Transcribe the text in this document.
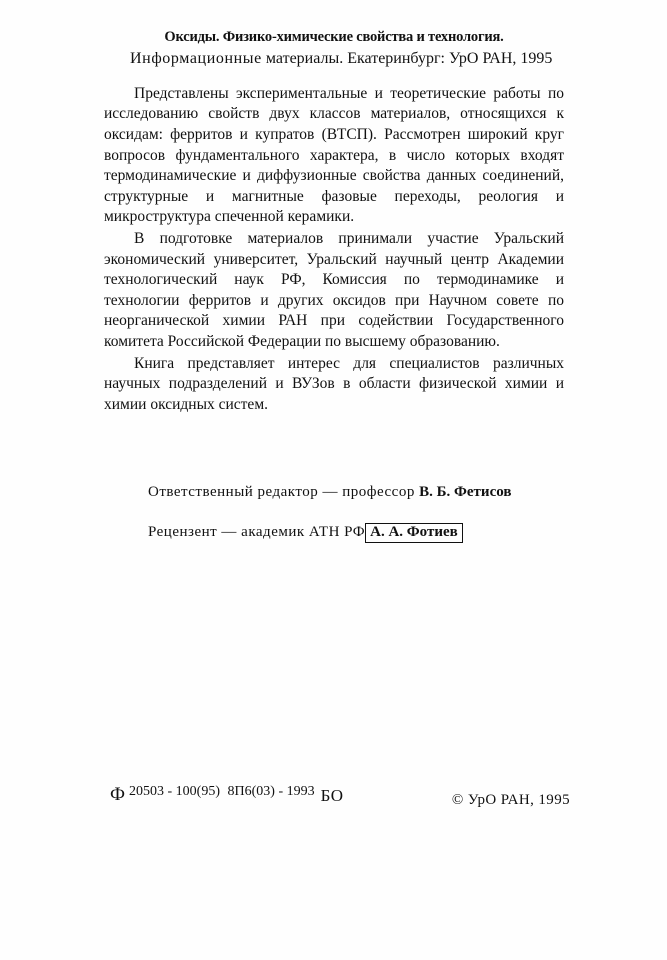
Оксиды. Физико-химические свойства и технология.
Информационные материалы. Екатеринбург: УрО РАН, 1995

Представлены экспериментальные и теоретические работы по исследованию свойств двух классов материалов, относящихся к оксидам: ферритов и купратов (ВТСП). Рассмотрен широкий круг вопросов фундаментального характера, в число которых входят термодинамические и диффузионные свойства данных соединений, структурные и магнитные фазовые переходы, реология и микроструктура спеченной керамики.

В подготовке материалов принимали участие Уральский экономический университет, Уральский научный центр Академии технологический наук РФ, Комиссия по термодинамике и технологии ферритов и других оксидов при Научном совете по неорганической химии РАН при содействии Государственного комитета Российской Федерации по высшему образованию.

Книга представляет интерес для специалистов различных научных подразделений и ВУЗов в области физической химии и химии оксидных систем.

Ответственный редактор — профессор В. Б. Фетисов
Рецензент — академик АТН РФ А. А. Фотиев
Ф 20503 - 100(95) 8П6(03) - 1993 БО	© УрО РАН, 1995
